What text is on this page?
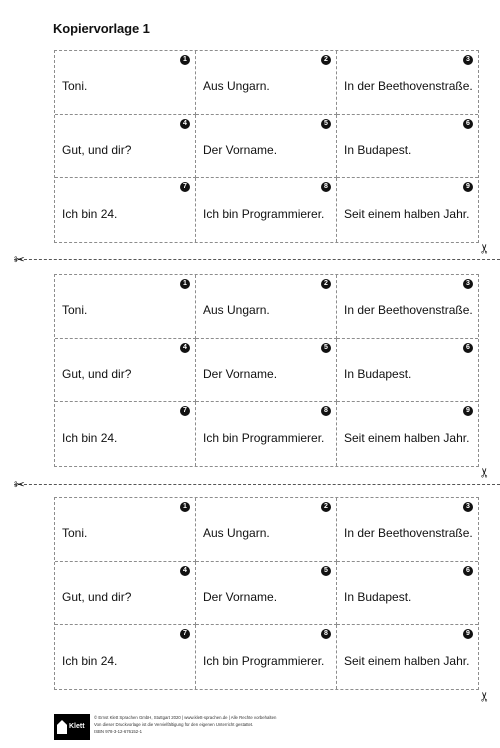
Kopiervorlage 1
1
Toni.
2
Aus Ungarn.
3
In der Beethovenstraße.
4
Gut, und dir?
5
Der Vorname.
6
In Budapest.
7
Ich bin 24.
8
Ich bin Programmierer.
9
Seit einem halben Jahr.
✂
✂
1
Toni.
2
Aus Ungarn.
3
In der Beethovenstraße.
4
Gut, und dir?
5
Der Vorname.
6
In Budapest.
7
Ich bin 24.
8
Ich bin Programmierer.
9
Seit einem halben Jahr.
✂
✂
1
Toni.
2
Aus Ungarn.
3
In der Beethovenstraße.
4
Gut, und dir?
5
Der Vorname.
6
In Budapest.
7
Ich bin 24.
8
Ich bin Programmierer.
9
Seit einem halben Jahr.
✂
Klett
© Ernst Klett Sprachen GmbH, Stuttgart 2020 | www.klett-sprachen.de | Alle Rechte vorbehalten
Von dieser Druckvorlage ist die Vervielfältigung für den eigenen Unterricht gestattet.
ISBN 978-3-12-676152-1
